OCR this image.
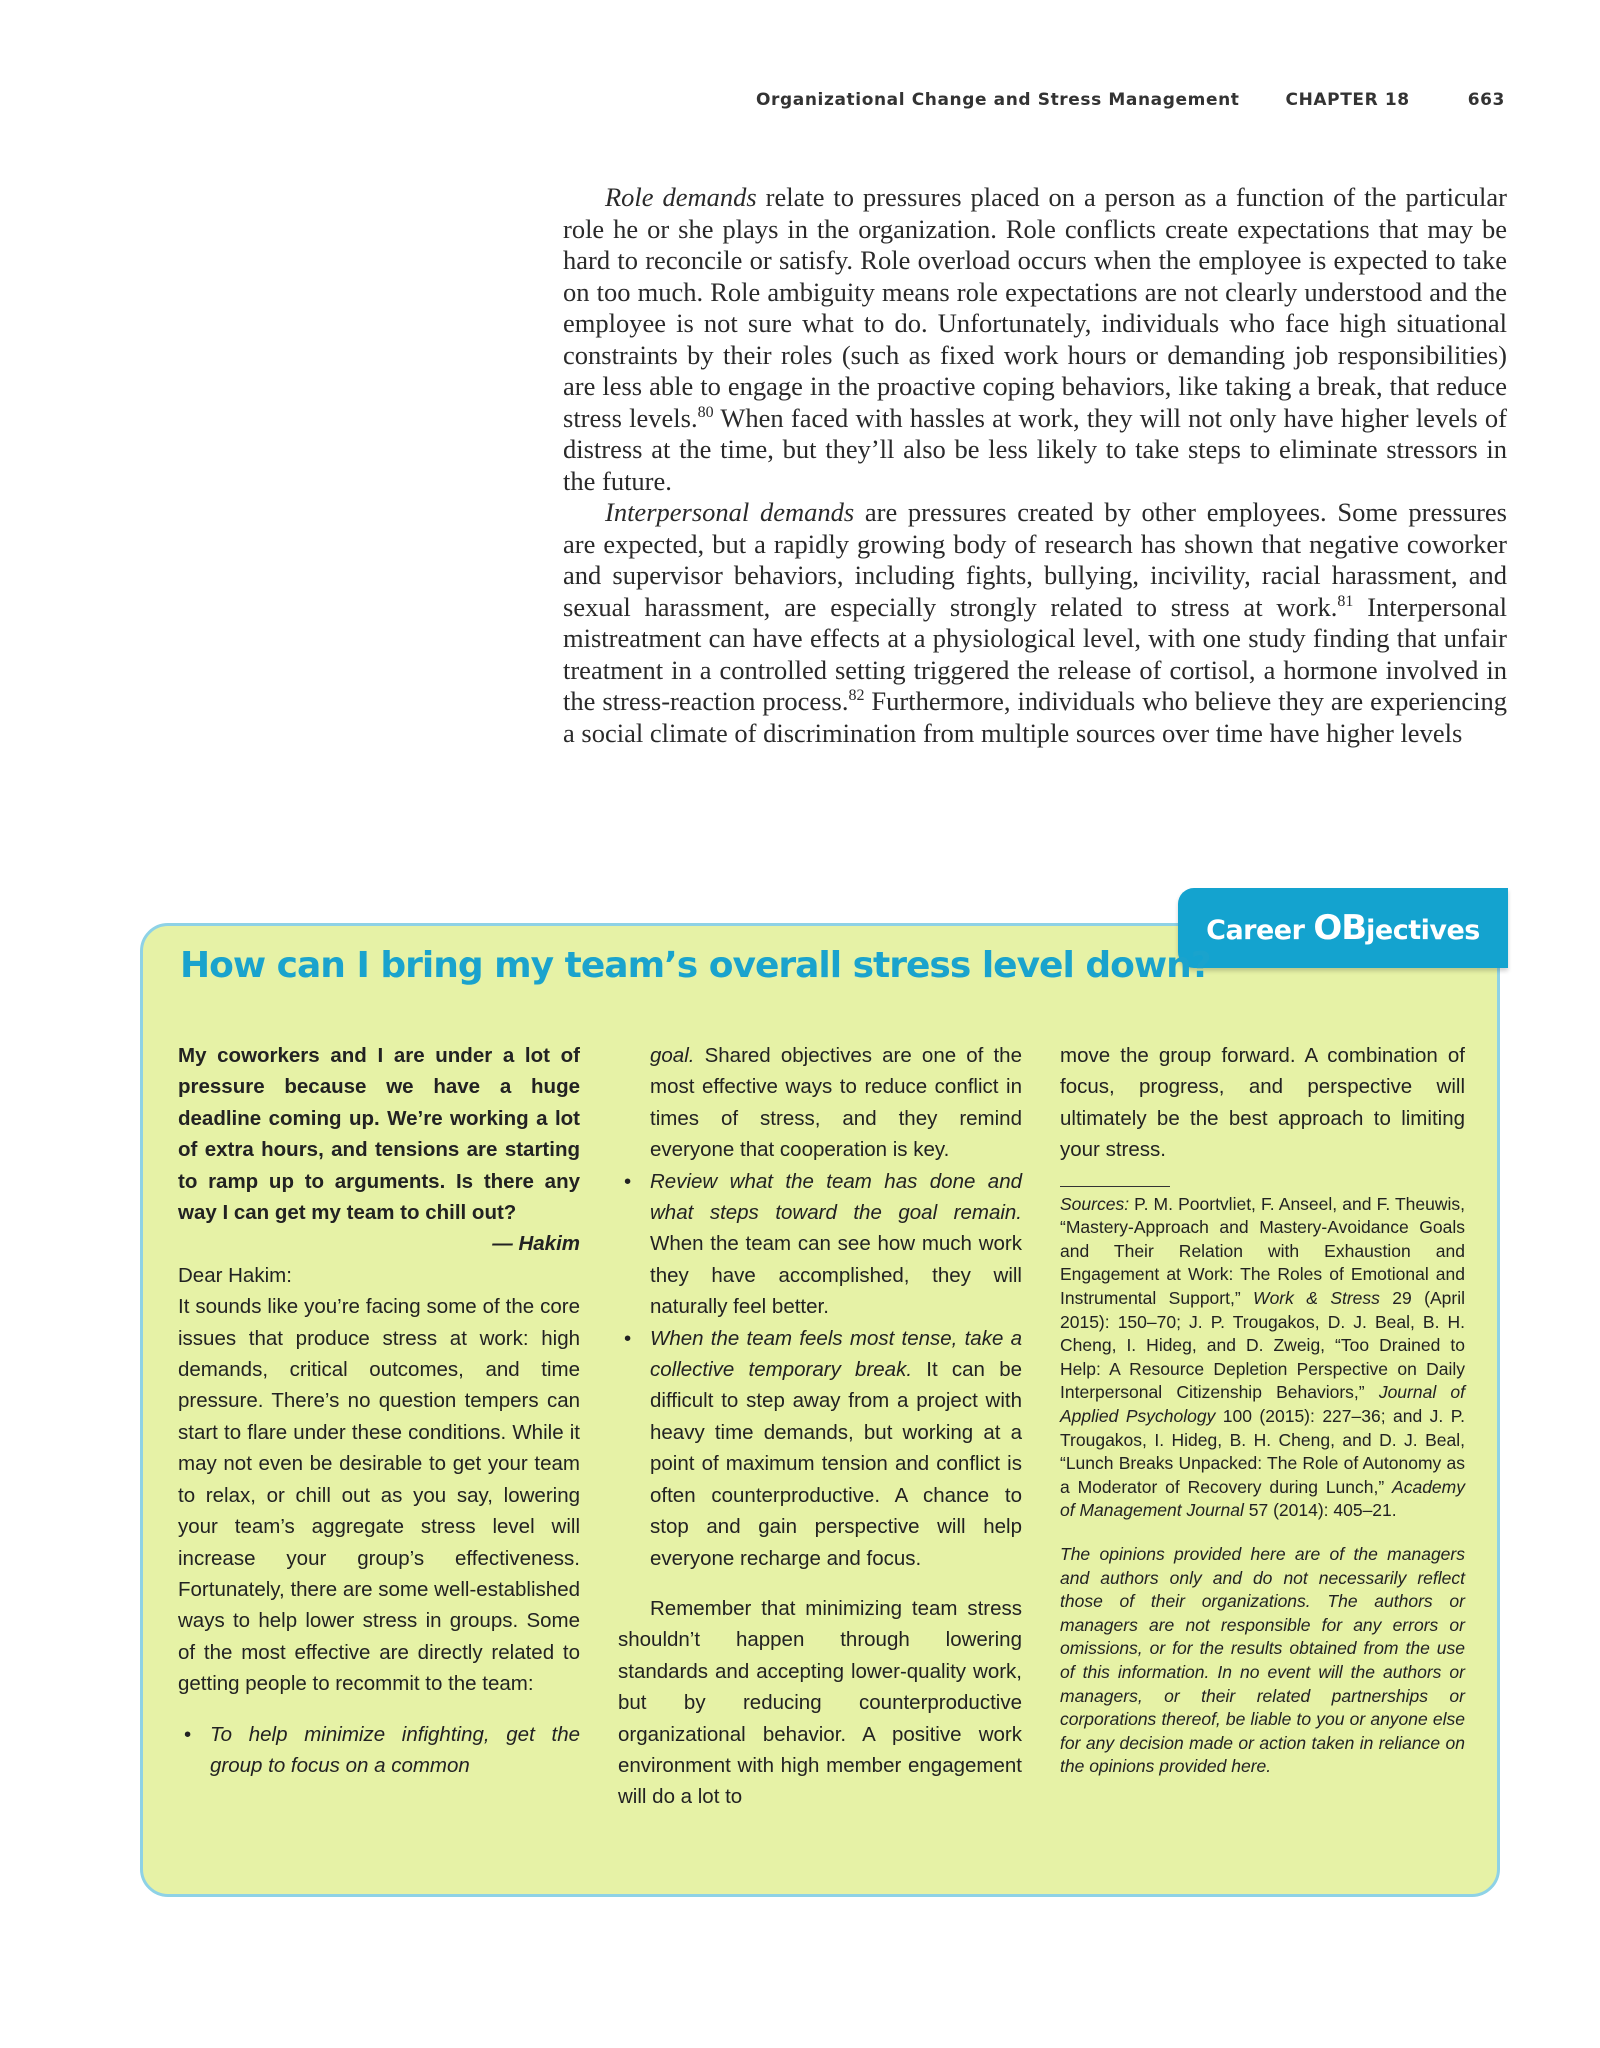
Organizational Change and Stress Management	CHAPTER 18	663

Role demands relate to pressures placed on a person as a function of the particular role he or she plays in the organization. Role conflicts create expectations that may be hard to reconcile or satisfy. Role overload occurs when the employee is expected to take on too much. Role ambiguity means role expectations are not clearly understood and the employee is not sure what to do. Unfortunately, individuals who face high situational constraints by their roles (such as fixed work hours or demanding job responsibilities) are less able to engage in the proactive coping behaviors, like taking a break, that reduce stress levels.$^{80}$ When faced with hassles at work, they will not only have higher levels of distress at the time, but they’ll also be less likely to take steps to eliminate stressors in the future.

Interpersonal demands are pressures created by other employees. Some pressures are expected, but a rapidly growing body of research has shown that negative coworker and supervisor behaviors, including fights, bullying, incivility, racial harassment, and sexual harassment, are especially strongly related to stress at work.$^{81}$ Interpersonal mistreatment can have effects at a physiological level, with one study finding that unfair treatment in a controlled setting triggered the release of cortisol, a hormone involved in the stress-reaction process.$^{82}$ Furthermore, individuals who believe they are experiencing a social climate of discrimination from multiple sources over time have higher levels

Career OBjectives
How can I bring my team’s overall stress level down?

My coworkers and I are under a lot of pressure because we have a huge deadline coming up. We’re working a lot of extra hours, and tensions are starting to ramp up to arguments. Is there any way I can get my team to chill out?

— Hakim

Dear Hakim:

It sounds like you’re facing some of the core issues that produce stress at work: high demands, critical outcomes, and time pressure. There’s no question tempers can start to flare under these conditions. While it may not even be desirable to get your team to relax, or chill out as you say, lowering your team’s aggregate stress level will increase your group’s effectiveness. Fortunately, there are some well-established ways to help lower stress in groups. Some of the most effective are directly related to getting people to recommit to the team:

• To help minimize infighting, get the group to focus on a common

goal. Shared objectives are one of the most effective ways to reduce conflict in times of stress, and they remind everyone that cooperation is key.

• Review what the team has done and what steps toward the goal remain. When the team can see how much work they have accomplished, they will naturally feel better.

• When the team feels most tense, take a collective temporary break. It can be difficult to step away from a project with heavy time demands, but working at a point of maximum tension and conflict is often counterproductive. A chance to stop and gain perspective will help everyone recharge and focus.

Remember that minimizing team stress shouldn’t happen through lowering standards and accepting lower-quality work, but by reducing counterproductive organizational behavior. A positive work environment with high member engagement will do a lot to

move the group forward. A combination of focus, progress, and perspective will ultimately be the best approach to limiting your stress.

Sources: P. M. Poortvliet, F. Anseel, and F. Theuwis, “Mastery-Approach and Mastery-Avoidance Goals and Their Relation with Exhaustion and Engagement at Work: The Roles of Emotional and Instrumental Support,” Work & Stress 29 (April 2015): 150–70; J. P. Trougakos, D. J. Beal, B. H. Cheng, I. Hideg, and D. Zweig, “Too Drained to Help: A Resource Depletion Perspective on Daily Interpersonal Citizenship Behaviors,” Journal of Applied Psychology 100 (2015): 227–36; and J. P. Trougakos, I. Hideg, B. H. Cheng, and D. J. Beal, “Lunch Breaks Unpacked: The Role of Autonomy as a Moderator of Recovery during Lunch,” Academy of Management Journal 57 (2014): 405–21.

The opinions provided here are of the managers and authors only and do not necessarily reflect those of their organizations. The authors or managers are not responsible for any errors or omissions, or for the results obtained from the use of this information. In no event will the authors or managers, or their related partnerships or corporations thereof, be liable to you or anyone else for any decision made or action taken in reliance on the opinions provided here.
